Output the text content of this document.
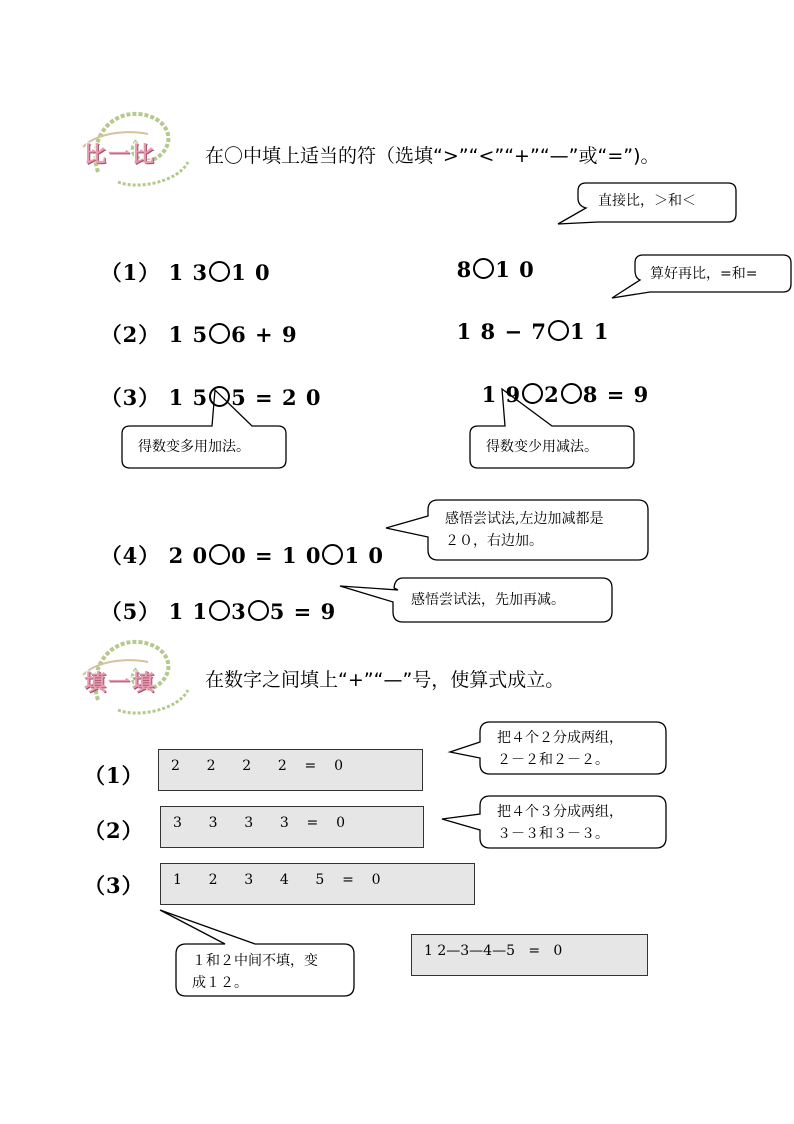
比一比	在〇中填上适当的符（选填“>”“<”“+”“—”或“=”)。

（1） 1 3 1 0	8 1 0

（2） 1 5 6 + 9	1 8 − 7 1 1

（3） 1 5 5 = 2 0	1 9 2 8 = 9

（4） 2 0 0 = 1 0 1 0

（5） 1 1 3 5 = 9

直接比，＞和＜
算好再比，=和=
得数变多用加法。	得数变少用减法。
感悟尝试法,左边加减都是
２０，右边加。
感悟尝试法，先加再减。
填一填	在数字之间填上“+”“—”号，使算式成立。
（1）	2      2      2      2    =    0
（2）	3      3      3      3    =    0
（3）	1      2      3      4      5    =    0
1 2—3—4—5   =   0
把４个２分成两组，
２－２和２－２。
把４个３分成两组，
３－３和３－３。
１和２中间不填，变
成１２。
